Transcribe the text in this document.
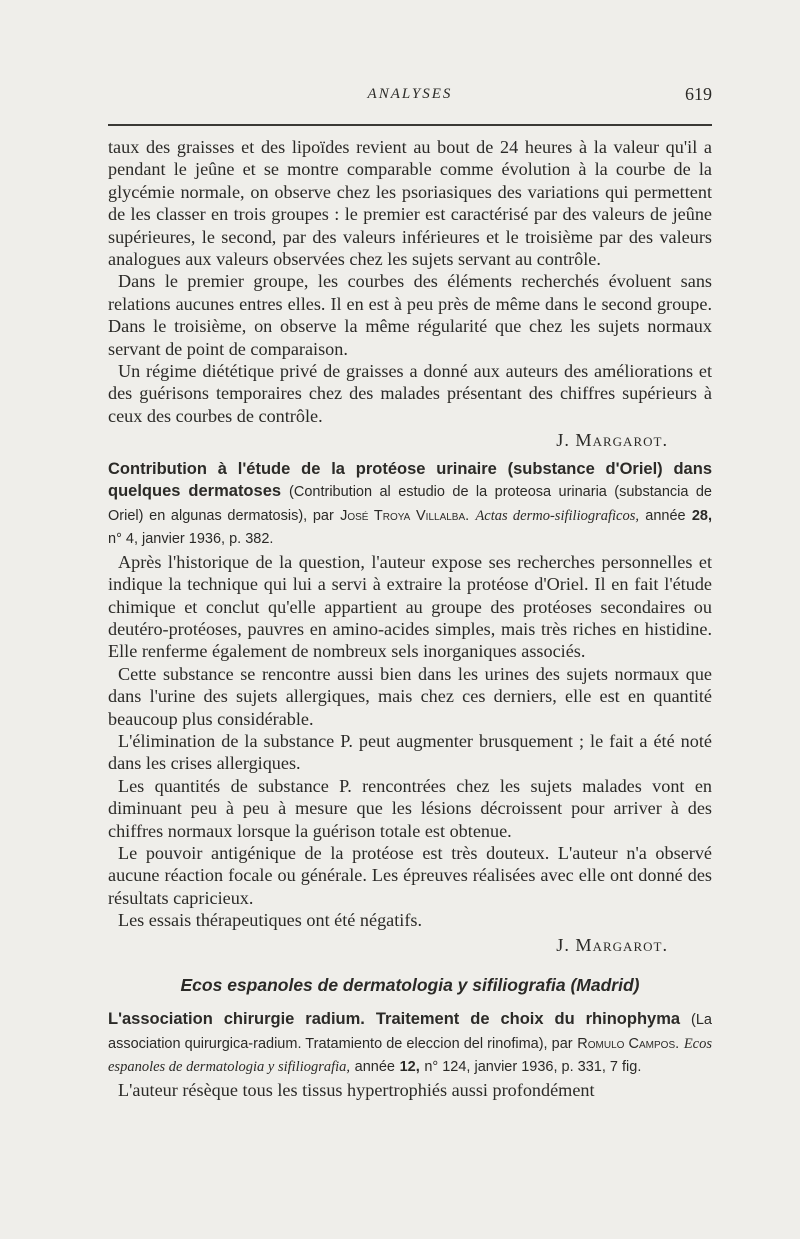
ANALYSES	619

taux des graisses et des lipoïdes revient au bout de 24 heures à la valeur qu'il a pendant le jeûne et se montre comparable comme évolution à la courbe de la glycémie normale, on observe chez les psoriasiques des variations qui permettent de les classer en trois groupes : le premier est caractérisé par des valeurs de jeûne supérieures, le second, par des valeurs inférieures et le troisième par des valeurs analogues aux valeurs observées chez les sujets servant au contrôle.

Dans le premier groupe, les courbes des éléments recherchés évoluent sans relations aucunes entres elles. Il en est à peu près de même dans le second groupe. Dans le troisième, on observe la même régularité que chez les sujets normaux servant de point de comparaison.

Un régime diététique privé de graisses a donné aux auteurs des améliorations et des guérisons temporaires chez des malades présentant des chiffres supérieurs à ceux des courbes de contrôle.

J. Margarot.

Contribution à l'étude de la protéose urinaire (substance d'Oriel) dans quelques dermatoses (Contribution al estudio de la proteosa urinaria (substancia de Oriel) en algunas dermatosis), par José Troya Villalba. Actas dermo-sifiliograficos, année 28, n° 4, janvier 1936, p. 382.

Après l'historique de la question, l'auteur expose ses recherches personnelles et indique la technique qui lui a servi à extraire la protéose d'Oriel. Il en fait l'étude chimique et conclut qu'elle appartient au groupe des protéoses secondaires ou deutéro-protéoses, pauvres en amino-acides simples, mais très riches en histidine. Elle renferme également de nombreux sels inorganiques associés.

Cette substance se rencontre aussi bien dans les urines des sujets normaux que dans l'urine des sujets allergiques, mais chez ces derniers, elle est en quantité beaucoup plus considérable.

L'élimination de la substance P. peut augmenter brusquement ; le fait a été noté dans les crises allergiques.

Les quantités de substance P. rencontrées chez les sujets malades vont en diminuant peu à peu à mesure que les lésions décroissent pour arriver à des chiffres normaux lorsque la guérison totale est obtenue.

Le pouvoir antigénique de la protéose est très douteux. L'auteur n'a observé aucune réaction focale ou générale. Les épreuves réalisées avec elle ont donné des résultats capricieux.

Les essais thérapeutiques ont été négatifs.

J. Margarot.

Ecos espanoles de dermatologia y sifiliografia (Madrid)
L'association chirurgie radium. Traitement de choix du rhinophyma (La association quirurgica-radium. Tratamiento de eleccion del rinofima), par Romulo Campos. Ecos espanoles de dermatologia y sifiliografia, année 12, n° 124, janvier 1936, p. 331, 7 fig.

L'auteur résèque tous les tissus hypertrophiés aussi profondément
